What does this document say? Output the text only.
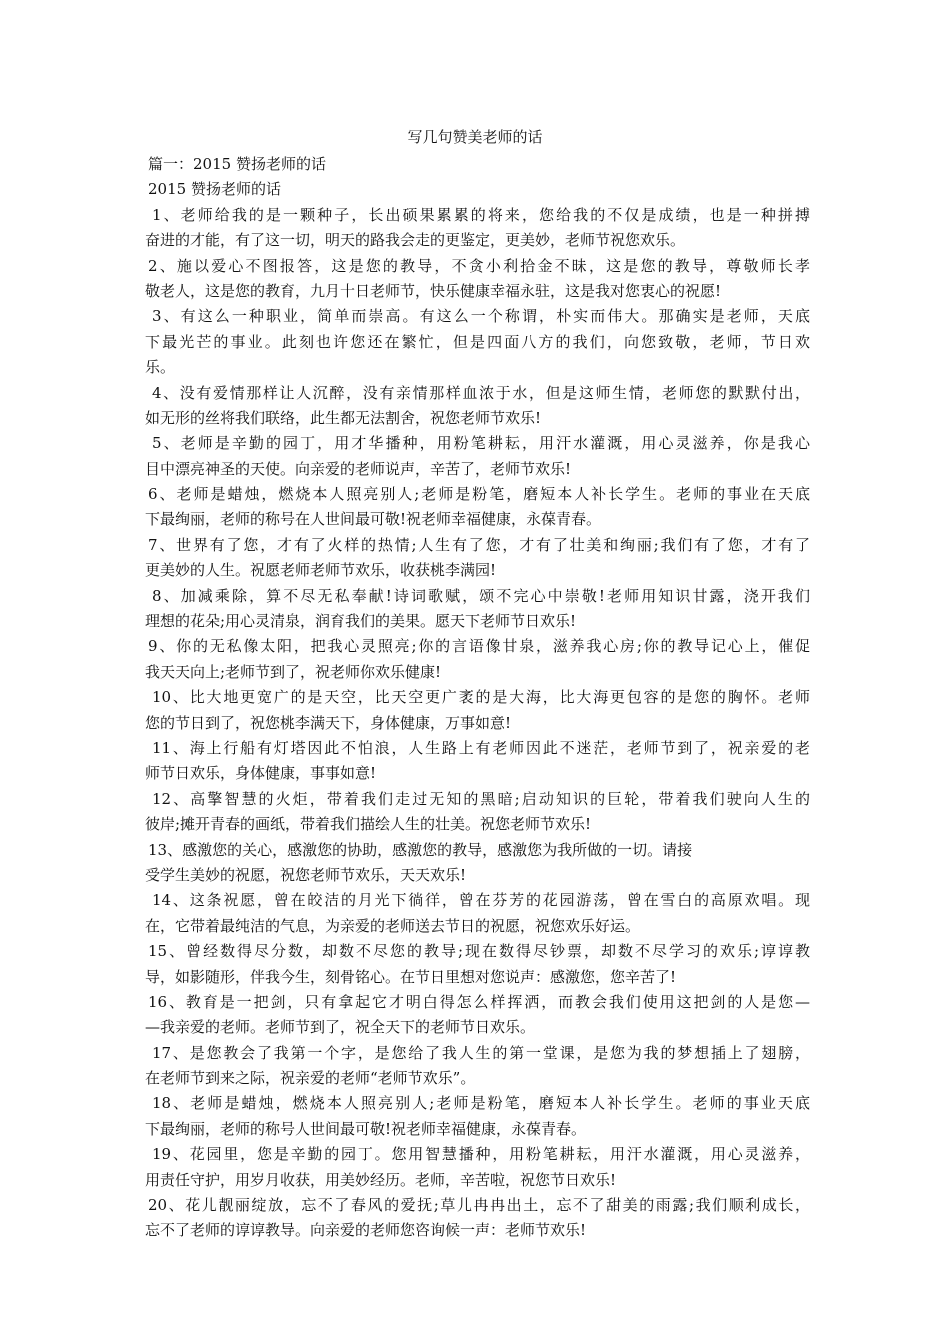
写几句赞美老师的话
篇一：2015 赞扬老师的话
2015 赞扬老师的话
1、老师给我的是一颗种子，长出硕果累累的将来，您给我的不仅是成绩，也是一种拼搏
奋进的才能，有了这一切，明天的路我会走的更鉴定，更美妙，老师节祝您欢乐。
2、施以爱心不图报答，这是您的教导，不贪小利拾金不昧，这是您的教导，尊敬师长孝
敬老人，这是您的教育，九月十日老师节，快乐健康幸福永驻，这是我对您衷心的祝愿!
3、有这么一种职业，简单而崇高。有这么一个称谓，朴实而伟大。那确实是老师，天底
下最光芒的事业。此刻也许您还在繁忙，但是四面八方的我们，向您致敬，老师，节日欢
乐。
4、没有爱情那样让人沉醉，没有亲情那样血浓于水，但是这师生情，老师您的默默付出，
如无形的丝将我们联络，此生都无法割舍，祝您老师节欢乐!
5、老师是辛勤的园丁，用才华播种，用粉笔耕耘，用汗水灌溉，用心灵滋养，你是我心
目中漂亮神圣的天使。向亲爱的老师说声，辛苦了，老师节欢乐!
6、老师是蜡烛，燃烧本人照亮别人;老师是粉笔，磨短本人补长学生。老师的事业在天底
下最绚丽，老师的称号在人世间最可敬!祝老师幸福健康，永葆青春。
7、世界有了您，才有了火样的热情;人生有了您，才有了壮美和绚丽;我们有了您，才有了
更美妙的人生。祝愿老师老师节欢乐，收获桃李满园!
8、加减乘除，算不尽无私奉献!诗词歌赋，颂不完心中崇敬!老师用知识甘露，浇开我们
理想的花朵;用心灵清泉，润育我们的美果。愿天下老师节日欢乐!
9、你的无私像太阳，把我心灵照亮;你的言语像甘泉，滋养我心房;你的教导记心上，催促
我天天向上;老师节到了，祝老师你欢乐健康!
10、比大地更宽广的是天空，比天空更广袤的是大海，比大海更包容的是您的胸怀。老师
您的节日到了，祝您桃李满天下，身体健康，万事如意!
11、海上行船有灯塔因此不怕浪，人生路上有老师因此不迷茫，老师节到了，祝亲爱的老
师节日欢乐，身体健康，事事如意!
12、高擎智慧的火炬，带着我们走过无知的黑暗;启动知识的巨轮，带着我们驶向人生的
彼岸;摊开青春的画纸，带着我们描绘人生的壮美。祝您老师节欢乐!
13、感激您的关心，感激您的协助，感激您的教导，感激您为我所做的一切。请接
受学生美妙的祝愿，祝您老师节欢乐，天天欢乐!
14、这条祝愿，曾在皎洁的月光下徜徉，曾在芬芳的花园游荡，曾在雪白的高原欢唱。现
在，它带着最纯洁的气息，为亲爱的老师送去节日的祝愿，祝您欢乐好运。
15、曾经数得尽分数，却数不尽您的教导;现在数得尽钞票，却数不尽学习的欢乐;谆谆教
导，如影随形，伴我今生，刻骨铭心。在节日里想对您说声：感激您，您辛苦了!
16、教育是一把剑，只有拿起它才明白得怎么样挥洒，而教会我们使用这把剑的人是您—
—我亲爱的老师。老师节到了，祝全天下的老师节日欢乐。
17、是您教会了我第一个字，是您给了我人生的第一堂课，是您为我的梦想插上了翅膀，
在老师节到来之际，祝亲爱的老师“老师节欢乐”。
18、老师是蜡烛，燃烧本人照亮别人;老师是粉笔，磨短本人补长学生。老师的事业天底
下最绚丽，老师的称号人世间最可敬!祝老师幸福健康，永葆青春。
19、花园里，您是辛勤的园丁。您用智慧播种，用粉笔耕耘，用汗水灌溉，用心灵滋养，
用责任守护，用岁月收获，用美妙经历。老师，辛苦啦，祝您节日欢乐!
20、花儿靓丽绽放，忘不了春风的爱抚;草儿冉冉出土，忘不了甜美的雨露;我们顺利成长，
忘不了老师的谆谆教导。向亲爱的老师您咨询候一声：老师节欢乐!
